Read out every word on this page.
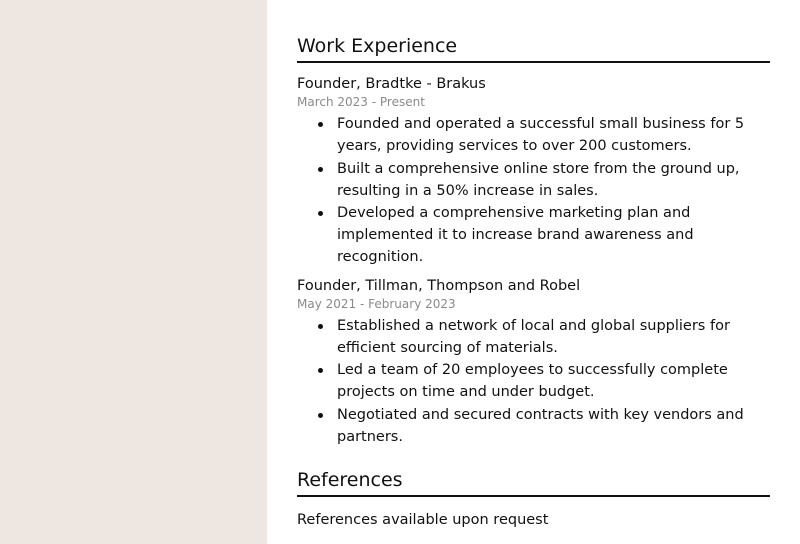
Work Experience

Founder, Bradtke - Brakus

March 2023 - Present

Founded and operated a successful small business for 5 years, providing services to over 200 customers.
Built a comprehensive online store from the ground up, resulting in a 50% increase in sales.
Developed a comprehensive marketing plan and implemented it to increase brand awareness and recognition.

Founder, Tillman, Thompson and Robel

May 2021 - February 2023

Established a network of local and global suppliers for efficient sourcing of materials.
Led a team of 20 employees to successfully complete projects on time and under budget.
Negotiated and secured contracts with key vendors and partners.
References
References available upon request
